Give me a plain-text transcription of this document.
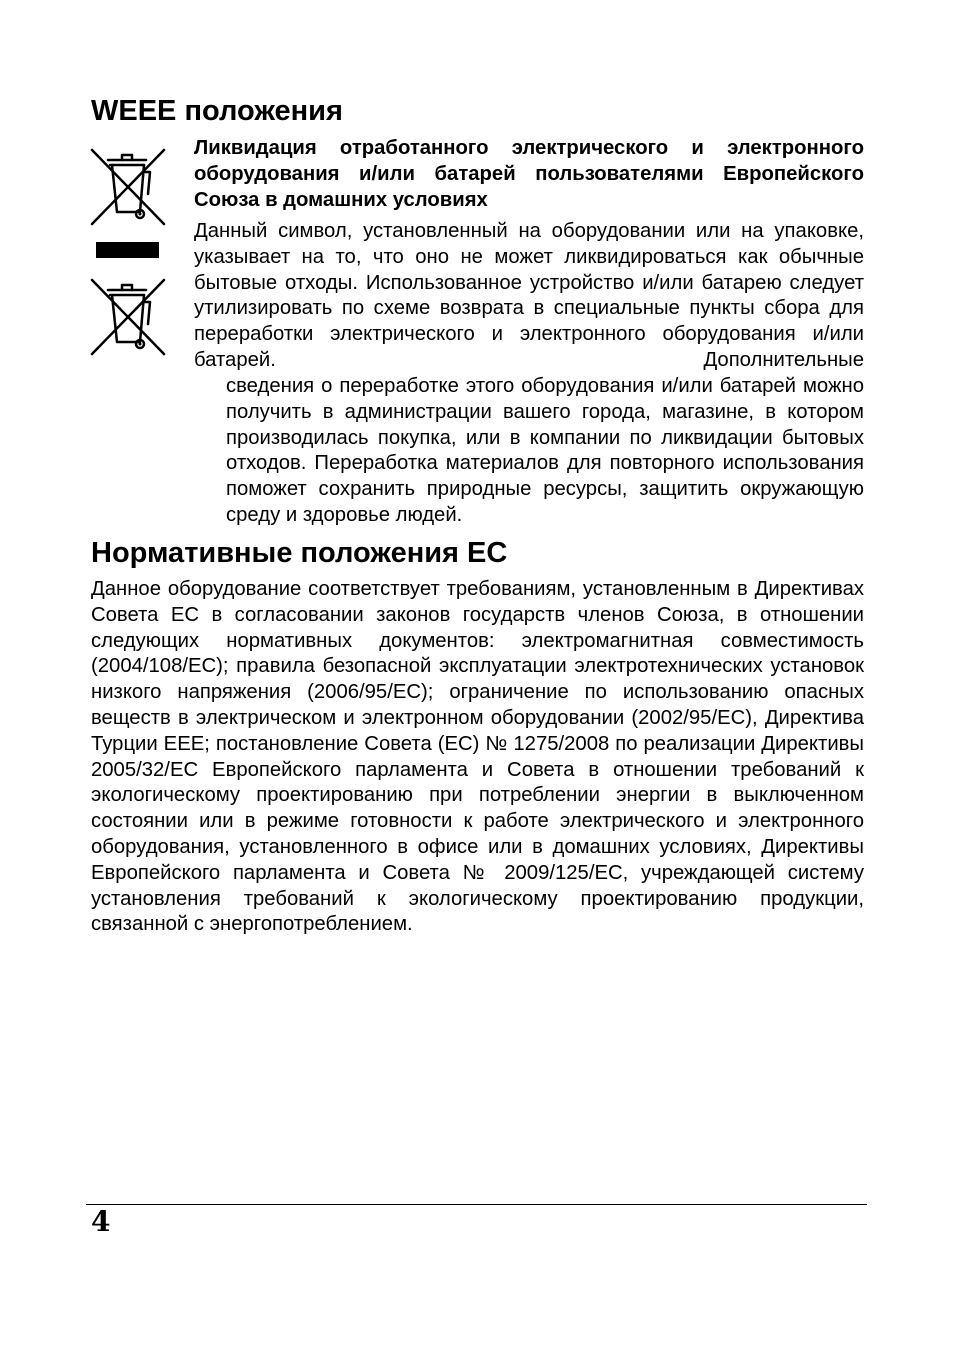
WEEE положения

Ликвидация отработанного электрического и электронного оборудования и/или батарей пользователями Европейского Союза в домашних условиях

Данный символ, установленный на оборудовании или на упаковке, указывает на то, что оно не может ликвидироваться как обычные бытовые отходы. Использованное устройство и/или батарею следует утилизировать по схеме возврата в специальные пункты сбора для переработки электрического и электронного оборудования и/или батарей. Дополнительные

сведения о переработке этого оборудования и/или батарей можно получить в администрации вашего города, магазине, в котором производилась покупка, или в компании по ликвидации бытовых отходов. Переработка материалов для повторного использования поможет сохранить природные ресурсы, защитить окружающую среду и здоровье людей.

Нормативные положения ЕС

Данное оборудование соответствует требованиям, установленным в Директивах Совета ЕС в согласовании законов государств членов Союза, в отношении следующих нормативных документов: электромагнитная совместимость (2004/108/EC); правила безопасной эксплуатации электротехнических установок низкого напряжения (2006/95/EC); ограничение по использованию опасных веществ в электрическом и электронном оборудовании (2002/95/EC), Директива Турции EEE; постановление Совета (ЕС) № 1275/2008 по реализации Директивы 2005/32/EC Европейского парламента и Совета в отношении требований к экологическому проектированию при потреблении энергии в выключенном состоянии или в режиме готовности к работе электрического и электронного оборудования, установленного в офисе или в домашних условиях, Директивы Европейского парламента и Совета № 2009/125/EC, учреждающей систему установления требований к экологическому проектированию продукции, связанной с энергопотреблением.

4
